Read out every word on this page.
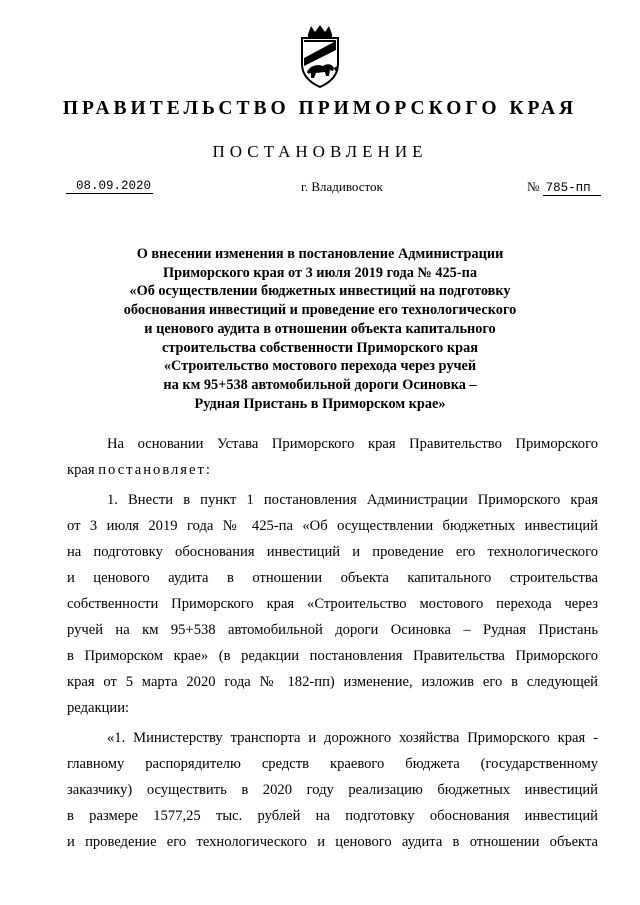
ПРАВИТЕЛЬСТВО ПРИМОРСКОГО КРАЯ
ПОСТАНОВЛЕНИЕ
08.09.2020	г. Владивосток	№ 785-пп
О внесении изменения в постановление Администрации
Приморского края от 3 июля 2019 года № 425-па
«Об осуществлении бюджетных инвестиций на подготовку
обоснования инвестиций и проведение его технологического
и ценового аудита в отношении объекта капитального
строительства собственности Приморского края
«Строительство мостового перехода через ручей
на км 95+538 автомобильной дороги Осиновка –
Рудная Пристань в Приморском крае»
На основании Устава Приморского края Правительство Приморского
края постановляет:
1. Внести в пункт 1 постановления Администрации Приморского края
от 3 июля 2019 года № 425-па «Об осуществлении бюджетных инвестиций
на подготовку обоснования инвестиций и проведение его технологического
и ценового аудита в отношении объекта капитального строительства
собственности Приморского края «Строительство мостового перехода через
ручей на км 95+538 автомобильной дороги Осиновка – Рудная Пристань
в Приморском крае» (в редакции постановления Правительства Приморского
края от 5 марта 2020 года № 182-пп) изменение, изложив его в следующей
редакции:
«1. Министерству транспорта и дорожного хозяйства Приморского края -
главному распорядителю средств краевого бюджета (государственному
заказчику) осуществить в 2020 году реализацию бюджетных инвестиций
в размере 1577,25 тыс. рублей на подготовку обоснования инвестиций
и проведение его технологического и ценового аудита в отношении объекта
